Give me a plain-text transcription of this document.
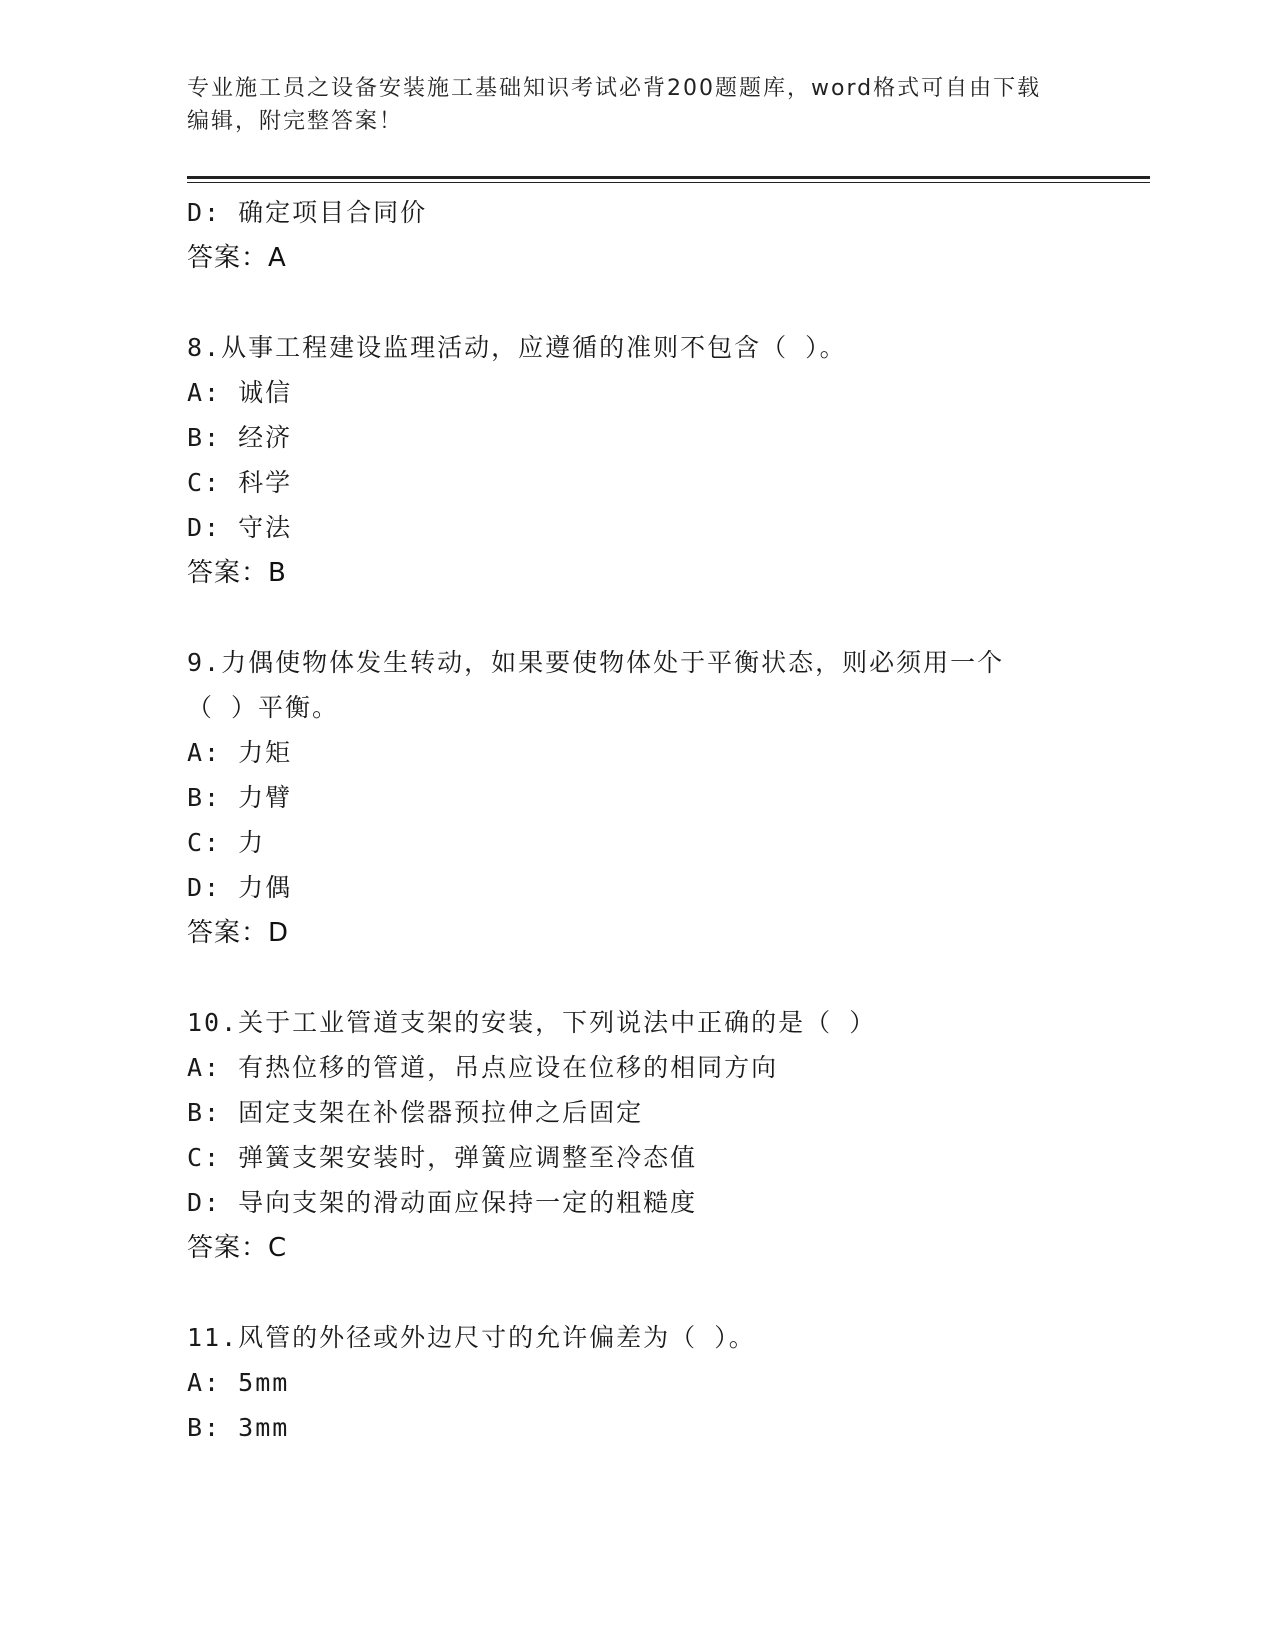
专业施工员之设备安装施工基础知识考试必背200题题库，word格式可自由下载
编辑，附完整答案！
D: 确定项目合同价
答案：A
8.从事工程建设监理活动，应遵循的准则不包含（ ）。
A: 诚信
B: 经济
C: 科学
D: 守法
答案：B
9.力偶使物体发生转动，如果要使物体处于平衡状态，则必须用一个
（ ）平衡。
A: 力矩
B: 力臂
C: 力
D: 力偶
答案：D
10.关于工业管道支架的安装，下列说法中正确的是（ ）
A: 有热位移的管道，吊点应设在位移的相同方向
B: 固定支架在补偿器预拉伸之后固定
C: 弹簧支架安装时，弹簧应调整至冷态值
D: 导向支架的滑动面应保持一定的粗糙度
答案：C
11.风管的外径或外边尺寸的允许偏差为（ ）。
A: 5mm
B: 3mm
